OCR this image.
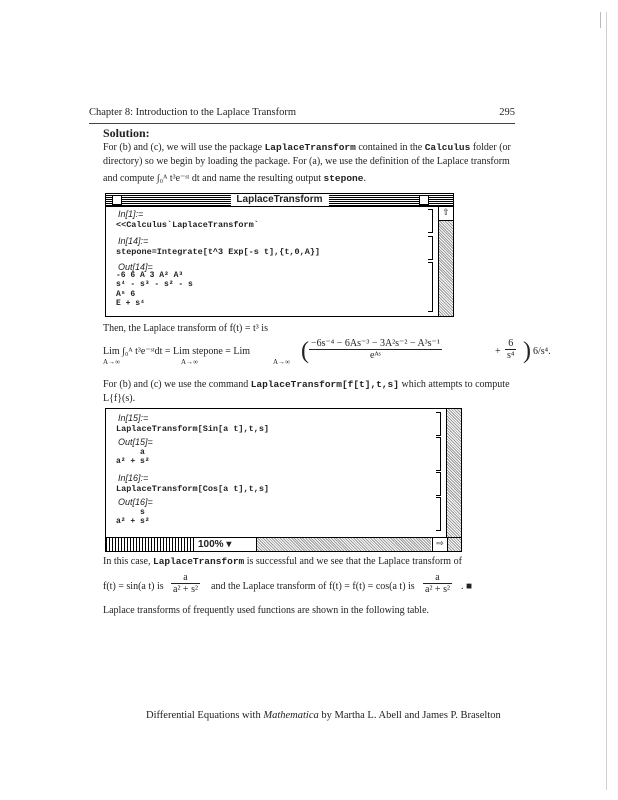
Chapter 8: Introduction to the Laplace Transform	295
Solution:
For (b) and (c), we will use the package LaplaceTransform contained in the Calculus folder (or directory) so we begin by loading the package. For (a), we use the definition of the Laplace transform
and compute ∫₀ᴬ t³e⁻ˢᵗ dt and name the resulting output stepone.
LaplaceTransform
⇧
In[1]:=
<<Calculus`LaplaceTransform`
In[14]:=
stepone=Integrate[t^3 Exp[-s t],{t,0,A}]
Out[14]=
-6 6 A 3 A² A³
s⁴ - s³ - s² - s
Aˢ 6
E + s⁴
Then, the Laplace transform of f(t) = t³ is
Lim ∫₀ᴬ t³e⁻ˢᵗdt = Lim stepone = Lim
A→∞	A→∞	A→∞ ( −6s⁻⁴ − 6As⁻³ − 3A²s⁻² − A³s⁻¹
eᴬˢ	+ $\frac{6}{\text{s⁴}}$ ) 6/s⁴.
For (b) and (c) we use the command LaplaceTransform[f[t],t,s] which attempts to compute L{f}(s).
In[15]:=
LaplaceTransform[Sin[a t],t,s]
Out[15]=
a
a² + s²
In[16]:=
LaplaceTransform[Cos[a t],t,s]
Out[16]=
s
a² + s²
100% ▾	⇨
In this case, LaplaceTransform is successful and we see that the Laplace transform of
f(t) = sin(a t) is $\frac{a}{\text{a² + s²}}$ and the Laplace transform of f(t) = f(t) = cos(a t) is $\frac{a}{\text{a² + s²}}$ . ■
Laplace transforms of frequently used functions are shown in the following table.
Differential Equations with Mathematica by Martha L. Abell and James P. Braselton
